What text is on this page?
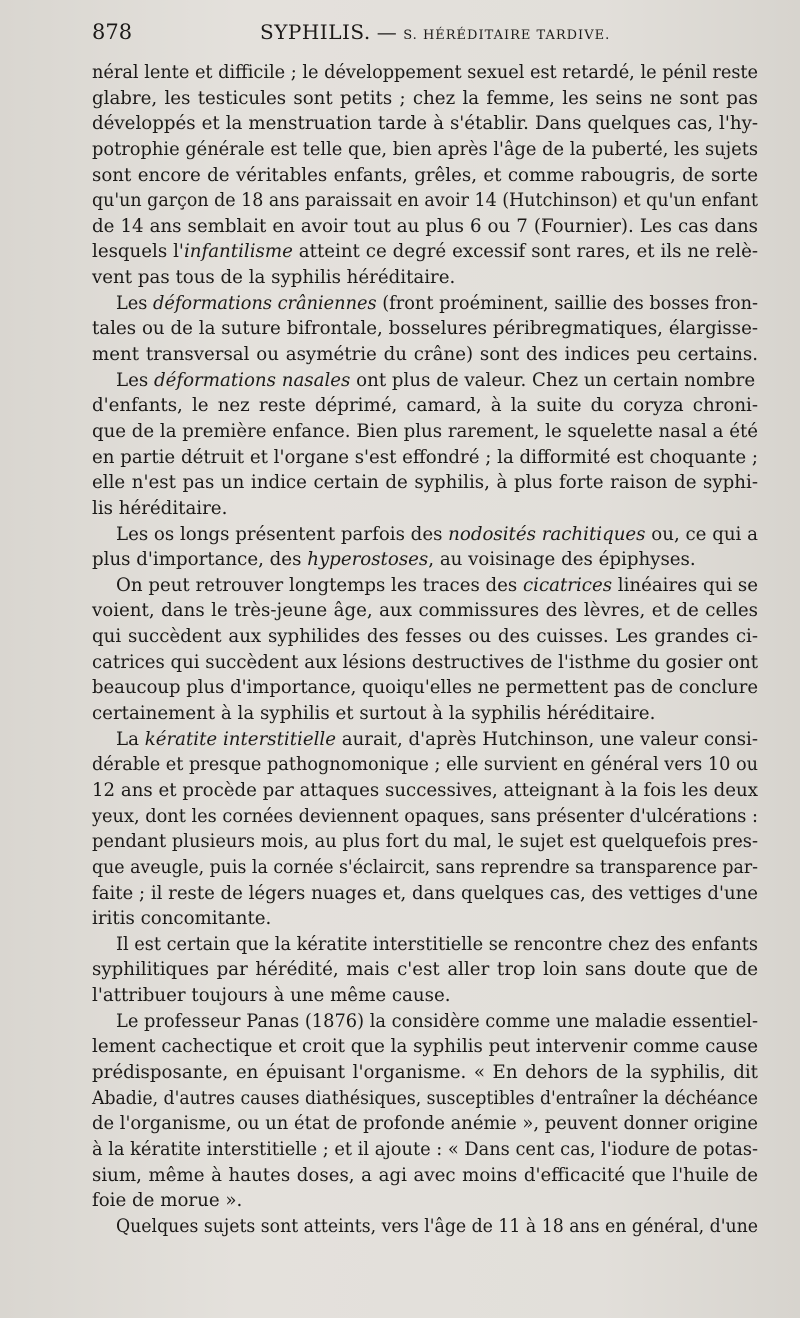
878	SYPHILIS. — S. HÉRÉDITAIRE TARDIVE.
néral lente et difficile ; le développement sexuel est retardé, le pénil reste
glabre, les testicules sont petits ; chez la femme, les seins ne sont pas
développés et la menstruation tarde à s'établir. Dans quelques cas, l'hy-
potrophie générale est telle que, bien après l'âge de la puberté, les sujets
sont encore de véritables enfants, grêles, et comme rabougris, de sorte
qu'un garçon de 18 ans paraissait en avoir 14 (Hutchinson) et qu'un enfant
de 14 ans semblait en avoir tout au plus 6 ou 7 (Fournier). Les cas dans
lesquels l'infantilisme atteint ce degré excessif sont rares, et ils ne relè-
vent pas tous de la syphilis héréditaire.
Les déformations crâniennes (front proéminent, saillie des bosses fron-
tales ou de la suture bifrontale, bosselures péribregmatiques, élargisse-
ment transversal ou asymétrie du crâne) sont des indices peu certains.
Les déformations nasales ont plus de valeur. Chez un certain nombre
d'enfants, le nez reste déprimé, camard, à la suite du coryza chroni-
que de la première enfance. Bien plus rarement, le squelette nasal a été
en partie détruit et l'organe s'est effondré ; la difformité est choquante ;
elle n'est pas un indice certain de syphilis, à plus forte raison de syphi-
lis héréditaire.
Les os longs présentent parfois des nodosités rachitiques ou, ce qui a
plus d'importance, des hyperostoses, au voisinage des épiphyses.
On peut retrouver longtemps les traces des cicatrices linéaires qui se
voient, dans le très-jeune âge, aux commissures des lèvres, et de celles
qui succèdent aux syphilides des fesses ou des cuisses. Les grandes ci-
catrices qui succèdent aux lésions destructives de l'isthme du gosier ont
beaucoup plus d'importance, quoiqu'elles ne permettent pas de conclure
certainement à la syphilis et surtout à la syphilis héréditaire.
La kératite interstitielle aurait, d'après Hutchinson, une valeur consi-
dérable et presque pathognomonique ; elle survient en général vers 10 ou
12 ans et procède par attaques successives, atteignant à la fois les deux
yeux, dont les cornées deviennent opaques, sans présenter d'ulcérations :
pendant plusieurs mois, au plus fort du mal, le sujet est quelquefois pres-
que aveugle, puis la cornée s'éclaircit, sans reprendre sa transparence par-
faite ; il reste de légers nuages et, dans quelques cas, des vettiges d'une
iritis concomitante.
Il est certain que la kératite interstitielle se rencontre chez des enfants
syphilitiques par hérédité, mais c'est aller trop loin sans doute que de
l'attribuer toujours à une même cause.
Le professeur Panas (1876) la considère comme une maladie essentiel-
lement cachectique et croit que la syphilis peut intervenir comme cause
prédisposante, en épuisant l'organisme. « En dehors de la syphilis, dit
Abadie, d'autres causes diathésiques, susceptibles d'entraîner la déchéance
de l'organisme, ou un état de profonde anémie », peuvent donner origine
à la kératite interstitielle ; et il ajoute : « Dans cent cas, l'iodure de potas-
sium, même à hautes doses, a agi avec moins d'efficacité que l'huile de
foie de morue ».
Quelques sujets sont atteints, vers l'âge de 11 à 18 ans en général, d'une
